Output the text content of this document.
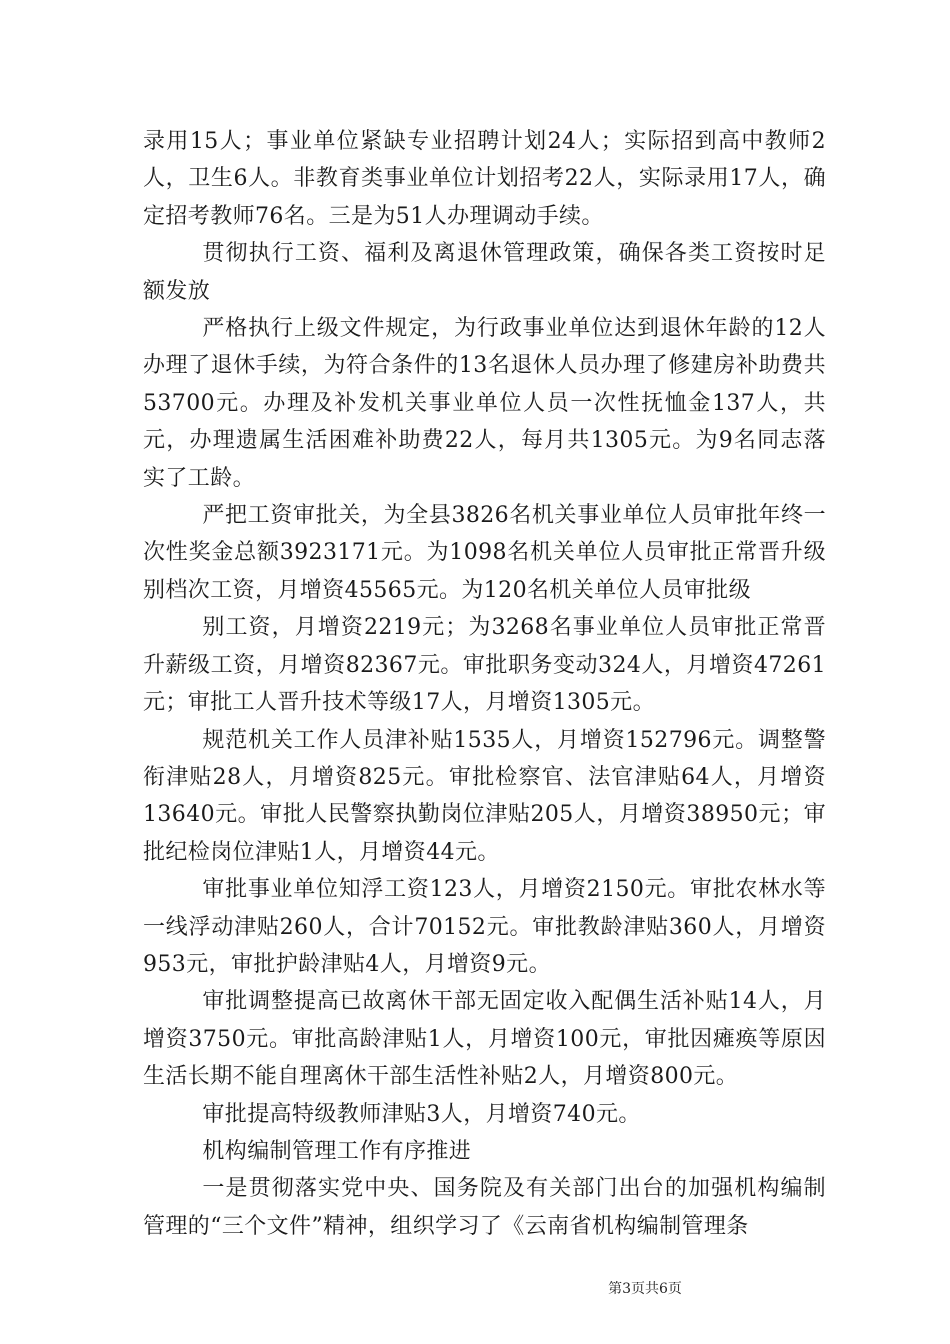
录用15人；事业单位紧缺专业招聘计划24人；实际招到高中教师2人，卫生6人。非教育类事业单位计划招考22人，实际录用17人，确定招考教师76名。三是为51人办理调动手续。

贯彻执行工资、福利及离退休管理政策，确保各类工资按时足额发放

严格执行上级文件规定，为行政事业单位达到退休年龄的12人办理了退休手续，为符合条件的13名退休人员办理了修建房补助费共53700元。办理及补发机关事业单位人员一次性抚恤金137人，共元，办理遗属生活困难补助费22人，每月共1305元。为9名同志落实了工龄。

严把工资审批关，为全县3826名机关事业单位人员审批年终一次性奖金总额3923171元。为1098名机关单位人员审批正常晋升级别档次工资，月增资45565元。为120名机关单位人员审批级

别工资，月增资2219元；为3268名事业单位人员审批正常晋升薪级工资，月增资82367元。审批职务变动324人，月增资47261元；审批工人晋升技术等级17人，月增资1305元。

规范机关工作人员津补贴1535人，月增资152796元。调整警衔津贴28人，月增资825元。审批检察官、法官津贴64人，月增资13640元。审批人民警察执勤岗位津贴205人，月增资38950元；审批纪检岗位津贴1人，月增资44元。

审批事业单位知浮工资123人，月增资2150元。审批农林水等一线浮动津贴260人，合计70152元。审批教龄津贴360人，月增资953元，审批护龄津贴4人，月增资9元。

审批调整提高已故离休干部无固定收入配偶生活补贴14人，月增资3750元。审批高龄津贴1人，月增资100元，审批因瘫痪等原因生活长期不能自理离休干部生活性补贴2人，月增资800元。

审批提高特级教师津贴3人，月增资740元。

机构编制管理工作有序推进

一是贯彻落实党中央、国务院及有关部门出台的加强机构编制管理的“三个文件”精神，组织学习了《云南省机构编制管理条

第3页共6页
